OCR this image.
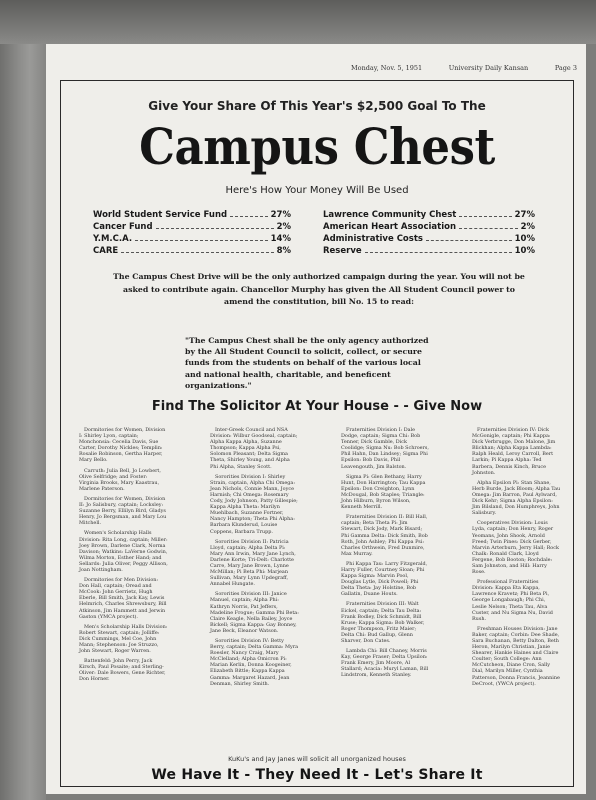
Monday, Nov. 5, 1951	University Daily Kansan	Page 3
Give Your Share Of This Year's $2,500 Goal To The
Campus Chest
Here's How Your Money Will Be Used
World Student Service Fund	27%
Cancer Fund	2%
Y.M.C.A.	14%
CARE	8%
Lawrence Community Chest	27%
American Heart Association	2%
Administrative Costs	10%
Reserve	10%
The Campus Chest Drive will be the only authorized campaign during the year. You will not be asked to contribute again. Chancellor Murphy has given the All Student Council power to amend the constitution, bill No. 15 to read:
"The Campus Chest shall be the only agency authorized by the All Student Council to solicit, collect, or secure funds from the students on behalf of the various local and national health, charitable, and beneficent organizations."
Find The Solicitor At Your House - - Give Now

Dormitories for Women, Division I: Shirley Lyon, captain; Monchonsia: Cecelia Davis, Sue Carter, Dorothy Nickles; Templin: Rosalie Robinson, Gertha Harper, Mary Bello.

Carruth: Julia Bell, Jo Lowbert, Olive Selfridge; and Foster: Virginia Brooks, Mary Kaastrau, Marlene Paterson.

Dormitories for Women, Division II: Jo Salisbury, captain; Locksley: Suzanne Berry, Ellilyn Bird, Gladys Henry, Jo Bergsman, and Mary Lou Mitchell.

Women's Scholarship Halls Division: Rita Long, captain; Miller: Joey Brown, Darlene Clark, Norma Davison; Watkins: LaVerne Godwin, Wilma Morton, Esther Hand; and Sellards: Julia Oliver, Peggy Allison, Joan Nottingham.

Dormitories for Men Division: Don Hall, captain; Oread and McCook: John Gerrietz, Hugh Eberle, Bill Smith, Jack Kay, Lewis Helmrich, Charles Shrewsbury, Bill Atkinson, Jim Hammett and Jerwin Gaston (YMCA project).

Men's Scholarship Halls Division: Robert Stewart, captain; Jolliffe: Dick Cummings, Mel Coe, John Mann; Stephenson: Joe Struzzo, John Stewart, Roger Warren.

Battenfeld: John Perry, Jack Kirsch, Paul Posaite; and Sterling-Oliver: Dale Bowers, Gene Richter, Don Horner.

Inter-Greek Council and NSA Division: Wilbur Goodseal, captain; Alpha Kappa Alpha, Suzanne Thompson; Kappa Alpha Psi, Solomon Pleasant; Delta Sigma Theta, Shirley Young, and Alpha Phi Alpha, Stanley Scott.

Sororities Division I: Shirley Strain, captain, Alpha Chi Omega: Jean Nichols, Connie Mann, Joyce Harnish; Chi Omega: Rosemary Cody, Jody Johnson, Patty Gillespie; Kappa Alpha Theta: Marilyn Muehlbach, Suzanne Fortner, Nancy Hampton; Theta Phi Alpha: Barbara Klunderud, Louise Coppens, Barbara Trupp.

Sororities Division II: Patricia Lloyd, captain; Alpha Delta Pi: Mary Ann Irwin, Mary Jane Lynch, Darlene Korte; Tri-Delt: Charlotte Carre, Mary Jane Brown, Lynne McMillan; Pi Beta Phi: Marjean Sullivan, Mary Lynn Updegraff, Annabel Hungate.

Sororities Division III: Janice Manuel, captain; Alpha Phi: Kathryn Norris, Pat Jeffers, Madeline Frogue; Gamma Phi Beta: Claire Keagle, Nella Bailey, Joyce Bickell; Sigma Kappa: Gay Bonney, Jane Beck, Eleanor Watson.

Sororities Division IV: Betty Berry, captain; Delta Gamma: Myra Roesler, Nancy Craig, Mary McClelland; Alpha Omicron Pi: Marian Kerlin, Donna Koogeiner, Elizabeth Bittle; Kappa Kappa Gamma: Margaret Hazard, Jean Denman, Shirley Smith.

Fraternities Division I: Dale Dodge, captain; Sigma Chi: Bob Tenner, Dick Gamble, Dick Coolidge; Sigma Nu: Bob Schroers, Phil Hahn, Dan Lindsey; Sigma Phi Epsilon: Bob Davis, Phil Leavengouth, Jim Balston.

Sigma Pi: Glen Bethany, Harry Hunt, Don Harrington; Tau Kappa Epsilon: Don Creighton, Lynn McDougal, Bob Staples; Triangle: John Hilburn, Byron Wilson, Kenneth Merrill.

Fraternities Division II: Bill Hall, captain; Beta Theta Pi: Jim Stewart, Dick Jody, Mark Bisard; Phi Gamma Delta: Dick Smith, Bob Roth, John Ashley; Phi Kappa Psi: Charles Orthwein, Fred Dunmire, Max Murray.

Phi Kappa Tau: Larry Fitzgerald, Harry Fuller, Courtney Sloan; Phi Kappa Sigma: Marvin Pool, Douglas Lytle, Dick Powell; Phi Delta Theta: Jay Holstine, Bob Gallatin, Duane Houts.

Fraternities Division III: Walt Eickel, captain; Delta Tau Delta: Frank Bodley, Dick Schmidt, Bill Kruse; Kappa Sigma: Bob Walker, Roger Thompson, Fritz Maier; Delta Chi: Bud Gallup, Glenn Sharver, Don Cates.

Lambda Chi: Bill Chaney, Morris Kay, George Fraser; Delta Upsilon: Frank Emery, Jim Moore, Al Stallard; Acacia: Muryl Laman, Bill Lindstrom, Kenneth Stanley.

Fraternities Division IV: Dick McGonigle, captain; Phi Kappa: Dick Verbrugge, Don Malone, Jim Blickhan; Alpha Kappa Lambda: Ralph Heald, Leroy Carroll, Bert Larkin; Pi Kappa Alpha: Ted Barbera, Dennis Kinch, Bruce Johnston.

Alpha Epsilon Pi: Stan Shane, Herb Burde, Jack Bloom; Alpha Tau Omega: Jim Barron, Paul Aylward, Dick Kehr; Sigma Alpha Epsilon: Jim Bilsland, Don Humphreys, John Salisbury.

Cooperatives Division: Louis Lyda, captain; Don Henry, Roger Yeomans, John Shook, Arnold Freed; Twin Pines: Dick Gerber, Marvin Arterburn, Jerry Hall; Rock Chalk: Ronald Clark, Lloyd Fergene, Bob Booton; Rochdale: Sam Johnston, and Hill: Harry Rose.

Professional Fraternities Division: Kappa Eta Kappa, Lawrence Kravetz; Phi Beta Pi, George Longabaugh; Phi Chi, Leslie Nelson; Theta Tau, Alva Custer, and Nu Sigma Nu, David Rush.

Freshman Houses Division: Jane Baker, captain; Corbin: Dee Shade, Sara Buchanan, Betty Dalton, Beth Heron, Marilyn Christian, Janie Shearer, Hankie Haines and Claire Coulter; South College: Ann McCutcheon, Diane Cron, Sally Dial, Marilyn Miller, Cynthia Patterson, Donna Francis, Jeannine DeCroot, (YWCA project).

KuKu's and Jay Janes will solicit all unorganized houses
We Have It - They Need It - Let's Share It
